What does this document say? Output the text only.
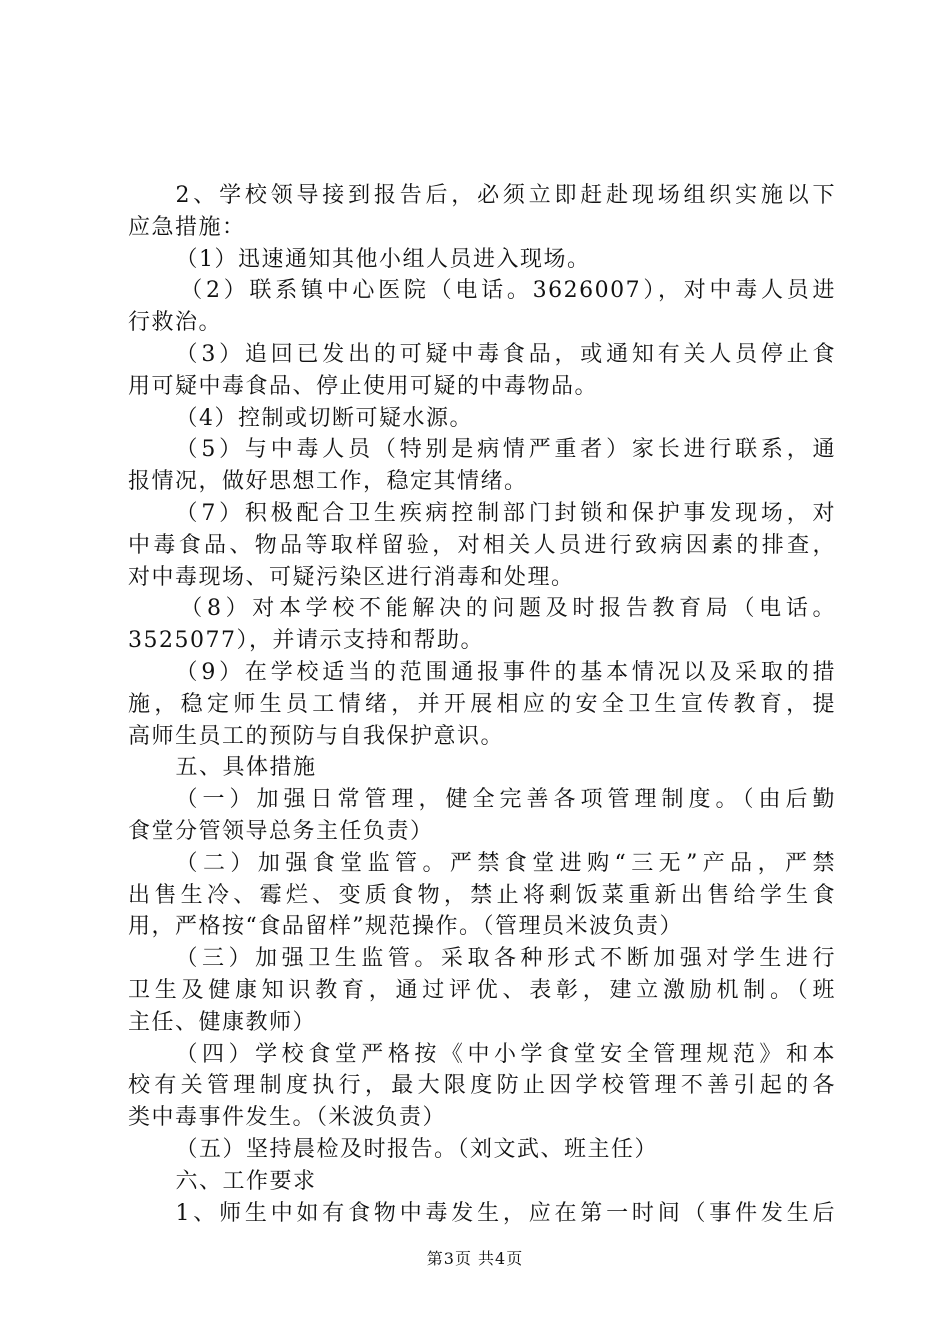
2、学校领导接到报告后，必须立即赶赴现场组织实施以下
应急措施：
（1）迅速通知其他小组人员进入现场。
（2）联系镇中心医院（电话。3626007），对中毒人员进
行救治。
（3）追回已发出的可疑中毒食品，或通知有关人员停止食
用可疑中毒食品、停止使用可疑的中毒物品。
（4）控制或切断可疑水源。
（5）与中毒人员（特别是病情严重者）家长进行联系，通
报情况，做好思想工作，稳定其情绪。
（7）积极配合卫生疾病控制部门封锁和保护事发现场，对
中毒食品、物品等取样留验，对相关人员进行致病因素的排查，
对中毒现场、可疑污染区进行消毒和处理。
（8）对本学校不能解决的问题及时报告教育局（电话。
3525077），并请示支持和帮助。
（9）在学校适当的范围通报事件的基本情况以及采取的措
施，稳定师生员工情绪，并开展相应的安全卫生宣传教育，提
高师生员工的预防与自我保护意识。
五、具体措施
（一）加强日常管理，健全完善各项管理制度。（由后勤
食堂分管领导总务主任负责）
（二）加强食堂监管。严禁食堂进购“三无”产品，严禁
出售生冷、霉烂、变质食物，禁止将剩饭菜重新出售给学生食
用，严格按“食品留样”规范操作。（管理员米波负责）
（三）加强卫生监管。采取各种形式不断加强对学生进行
卫生及健康知识教育，通过评优、表彰，建立激励机制。（班
主任、健康教师）
（四）学校食堂严格按《中小学食堂安全管理规范》和本
校有关管理制度执行，最大限度防止因学校管理不善引起的各
类中毒事件发生。（米波负责）
（五）坚持晨检及时报告。（刘文武、班主任）
六、工作要求
1、师生中如有食物中毒发生，应在第一时间（事件发生后
第3页 共4页
